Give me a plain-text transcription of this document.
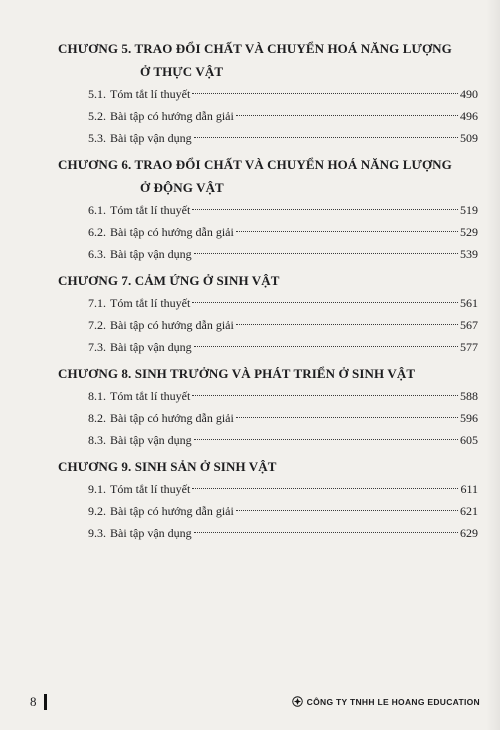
CHƯƠNG 5. TRAO ĐỔI CHẤT VÀ CHUYỂN HOÁ NĂNG LƯỢNG
Ở THỰC VẬT
5.1. Tóm tắt lí thuyết	490
5.2. Bài tập có hướng dẫn giải	496
5.3. Bài tập vận dụng	509
CHƯƠNG 6. TRAO ĐỔI CHẤT VÀ CHUYỂN HOÁ NĂNG LƯỢNG
Ở ĐỘNG VẬT
6.1. Tóm tắt lí thuyết	519
6.2. Bài tập có hướng dẫn giải	529
6.3. Bài tập vận dụng	539
CHƯƠNG 7. CẢM ỨNG Ở SINH VẬT
7.1. Tóm tắt lí thuyết	561
7.2. Bài tập có hướng dẫn giải	567
7.3. Bài tập vận dụng	577
CHƯƠNG 8. SINH TRƯỞNG VÀ PHÁT TRIỂN Ở SINH VẬT
8.1. Tóm tắt lí thuyết	588
8.2. Bài tập có hướng dẫn giải	596
8.3. Bài tập vận dụng	605
CHƯƠNG 9. SINH SẢN Ở SINH VẬT
9.1. Tóm tắt lí thuyết	611
9.2. Bài tập có hướng dẫn giải	621
9.3. Bài tập vận dụng	629
8	CÔNG TY TNHH LE HOANG EDUCATION
